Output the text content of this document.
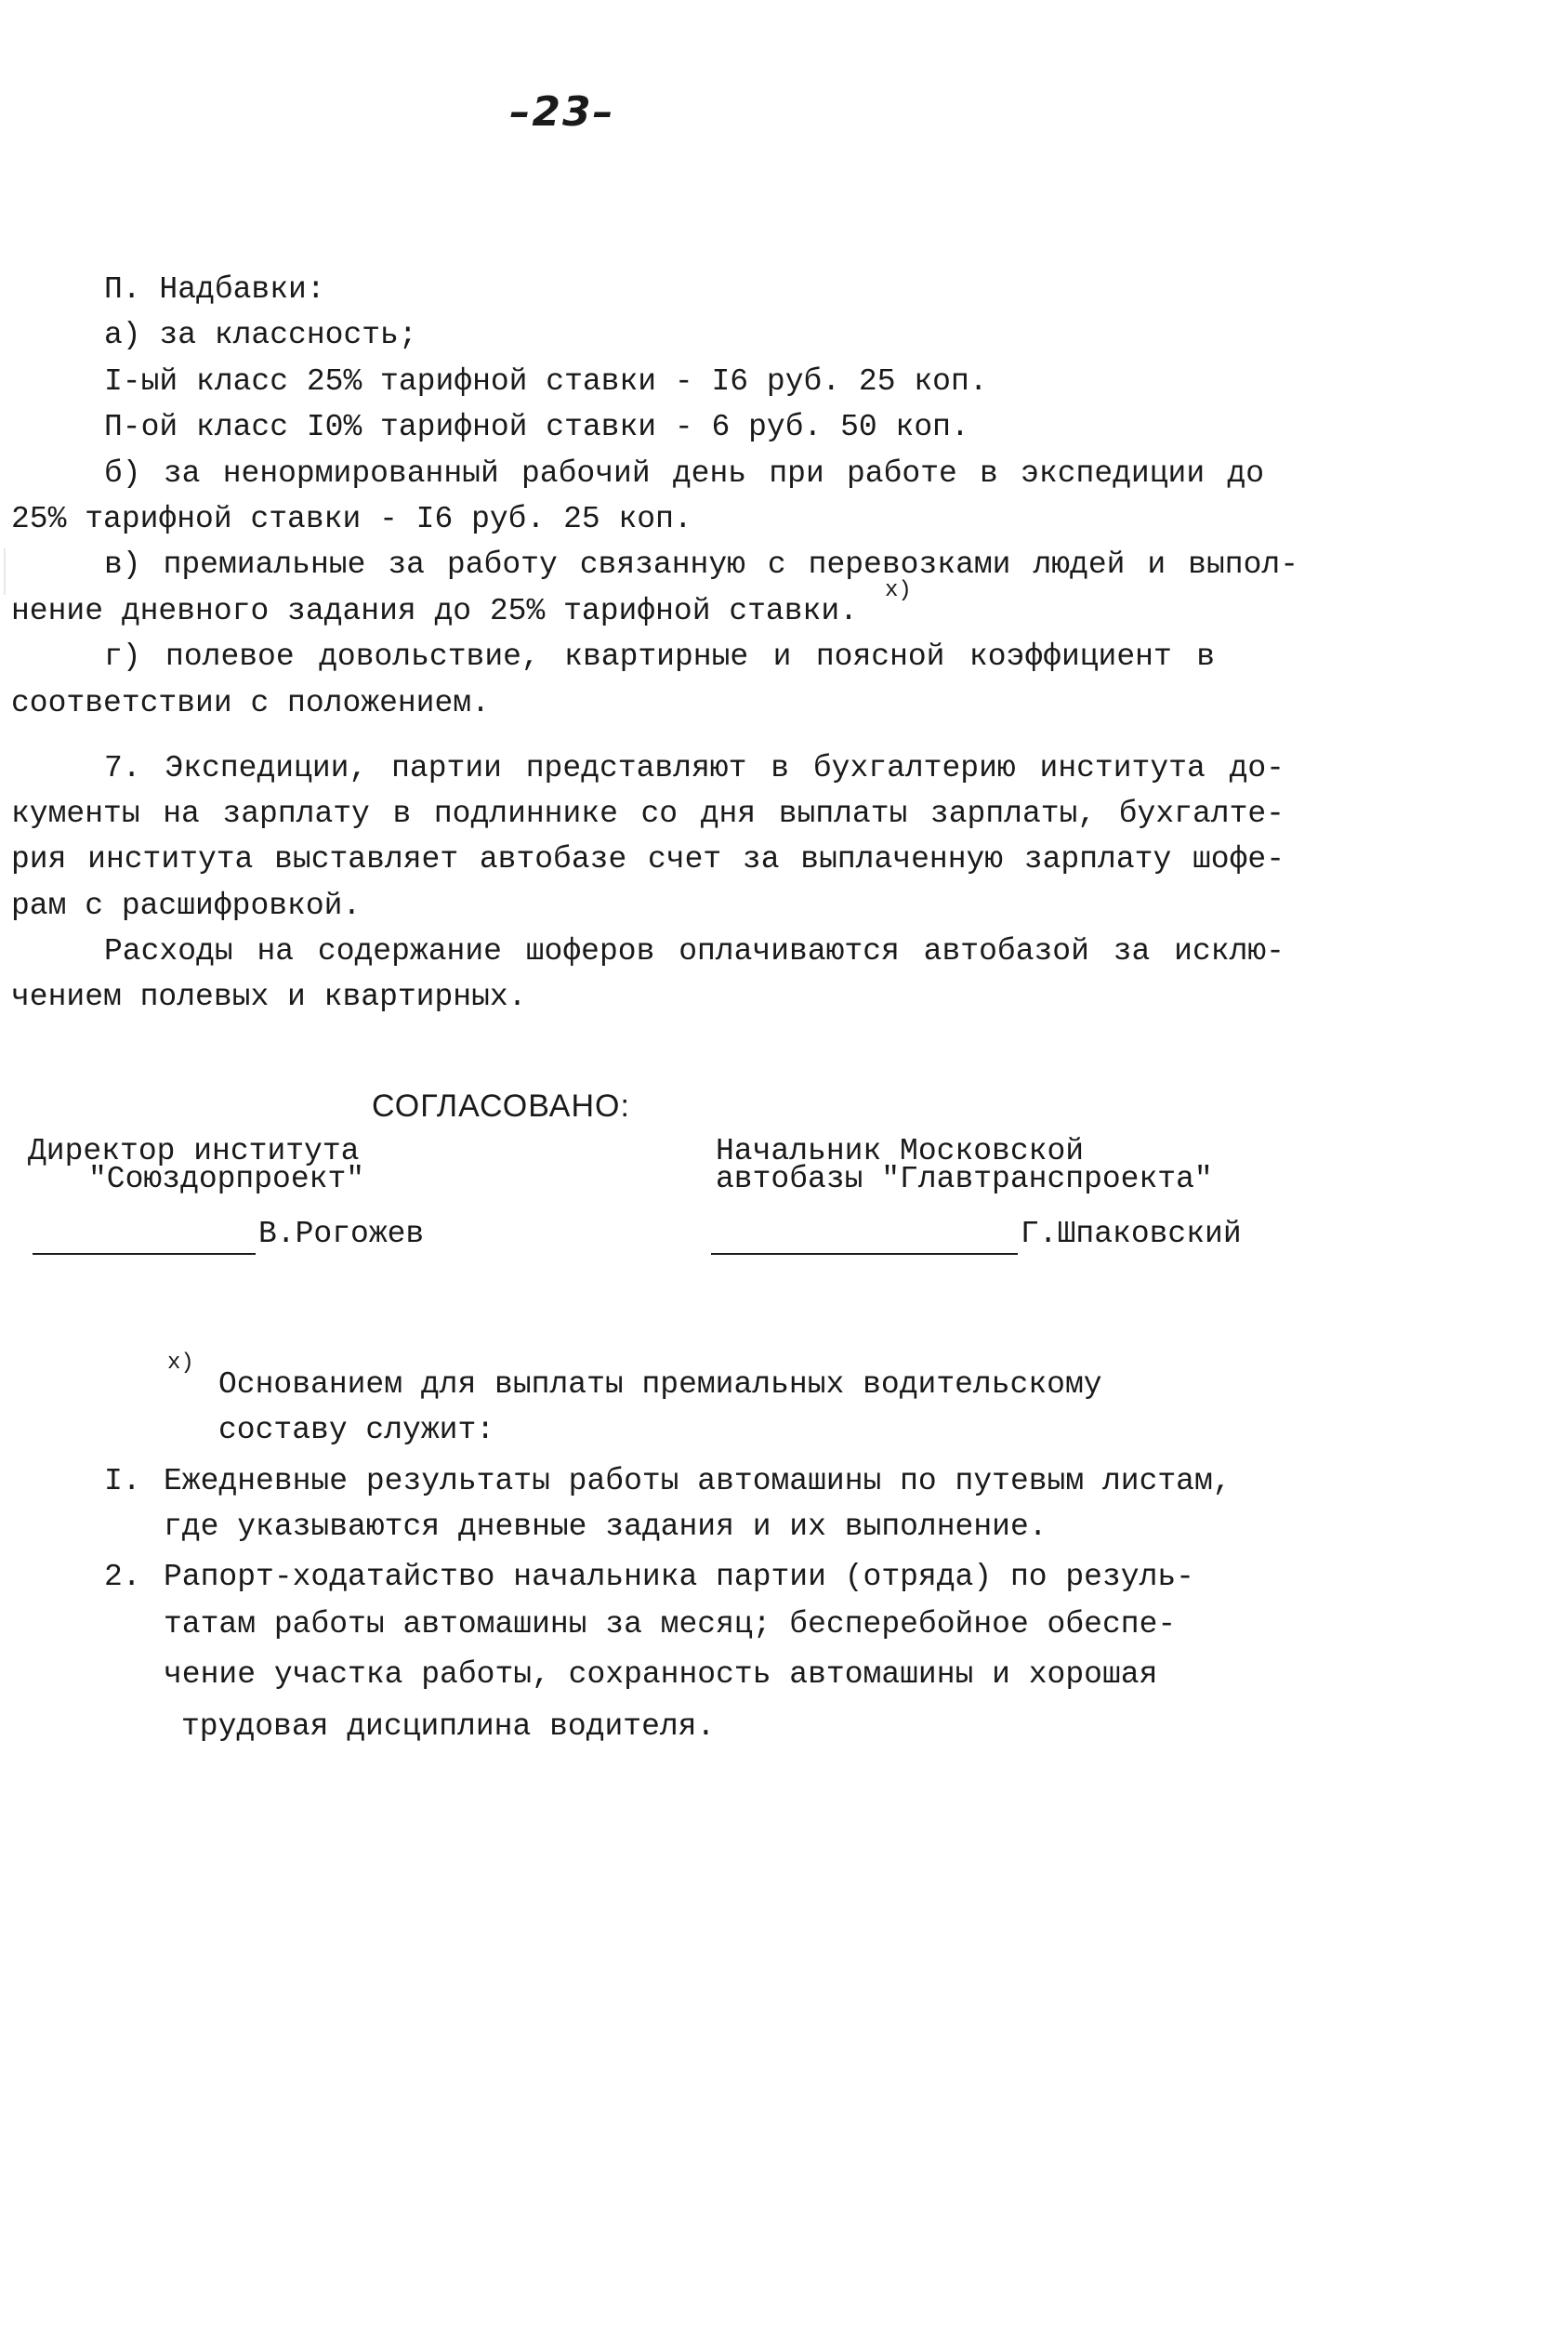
–23–
П. Надбавки:
а) за классность;
I-ый класс 25% тарифной ставки - I6 руб. 25 коп.
П-ой класс I0% тарифной ставки - 6 руб. 50 коп.
б) за ненормированный рабочий день при работе в экспедиции до
25% тарифной ставки - I6 руб. 25 коп.
в) премиальные за работу связанную с перевозками людей и выпол-
нение дневного задания до 25% тарифной ставки.
х)
г) полевое довольствие, квартирные и поясной коэффициент в
соответствии с положением.
7. Экспедиции, партии представляют в бухгалтерию института до-
кументы на зарплату в подлиннике со дня выплаты зарплаты, бухгалте-
рия института выставляет автобазе счет за выплаченную зарплату шофе-
рам с расшифровкой.
Расходы на содержание шоферов оплачиваются автобазой за исклю-
чением полевых и квартирных.
СОГЛАСОВАНО:
Директор института
"Союздорпроект"
В.Рогожев
Начальник Московской
автобазы "Главтранспроекта"
Г.Шпаковский
х)
Основанием для выплаты премиальных водительскому
составу служит:
I. Ежедневные результаты работы автомашины по путевым листам,
где указываются дневные задания и их выполнение.
2. Рапорт-ходатайство начальника партии (отряда) по резуль-
татам работы автомашины за месяц; бесперебойное обеспе-
чение участка работы, сохранность автомашины и хорошая
трудовая дисциплина водителя.
